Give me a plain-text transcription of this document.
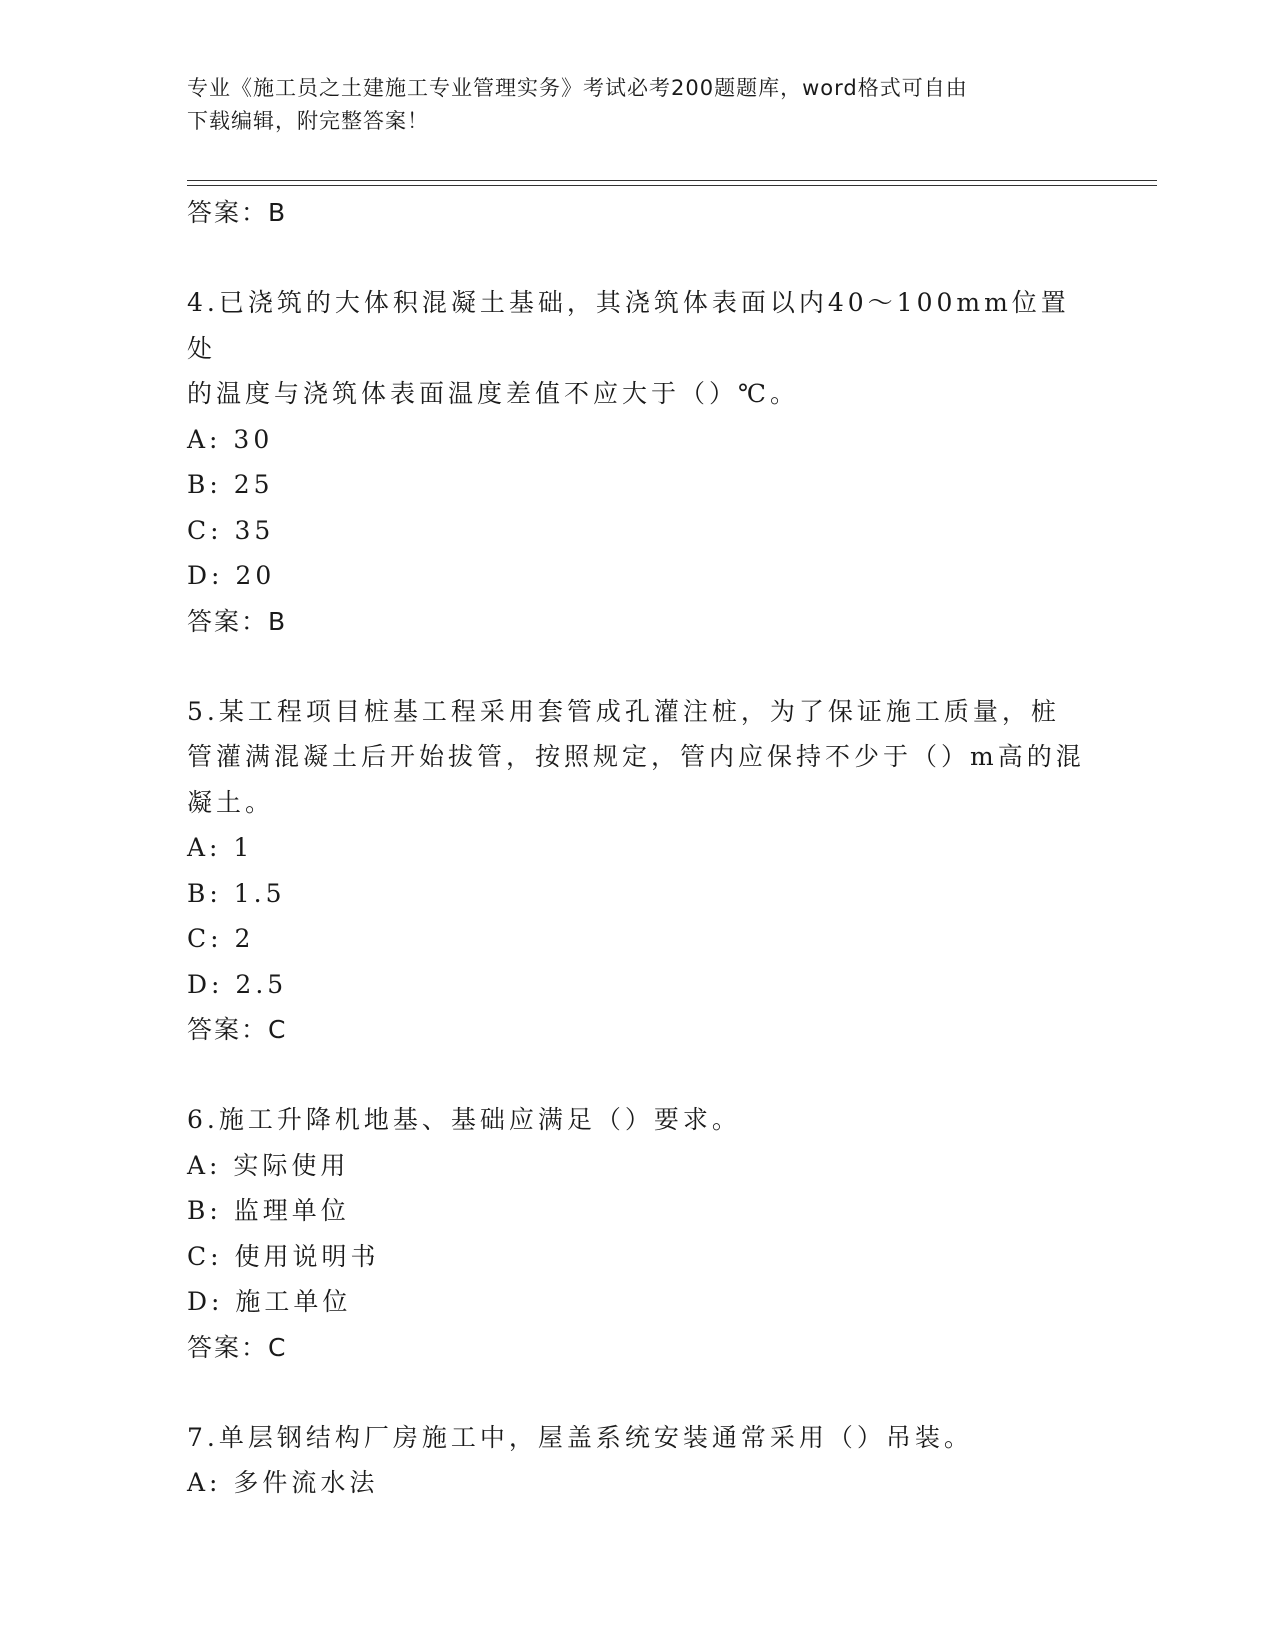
专业《施工员之土建施工专业管理实务》考试必考200题题库，word格式可自由
下载编辑，附完整答案！
答案：B
4.已浇筑的大体积混凝土基础，其浇筑体表面以内40～100mm位置处
的温度与浇筑体表面温度差值不应大于（）℃。
A: 30
B: 25
C: 35
D: 20
答案：B
5.某工程项目桩基工程采用套管成孔灌注桩，为了保证施工质量，桩
管灌满混凝土后开始拔管，按照规定，管内应保持不少于（）m高的混
凝土。
A: 1
B: 1.5
C: 2
D: 2.5
答案：C
6.施工升降机地基、基础应满足（）要求。
A: 实际使用
B: 监理单位
C: 使用说明书
D: 施工单位
答案：C
7.单层钢结构厂房施工中，屋盖系统安装通常采用（）吊装。
A: 多件流水法
